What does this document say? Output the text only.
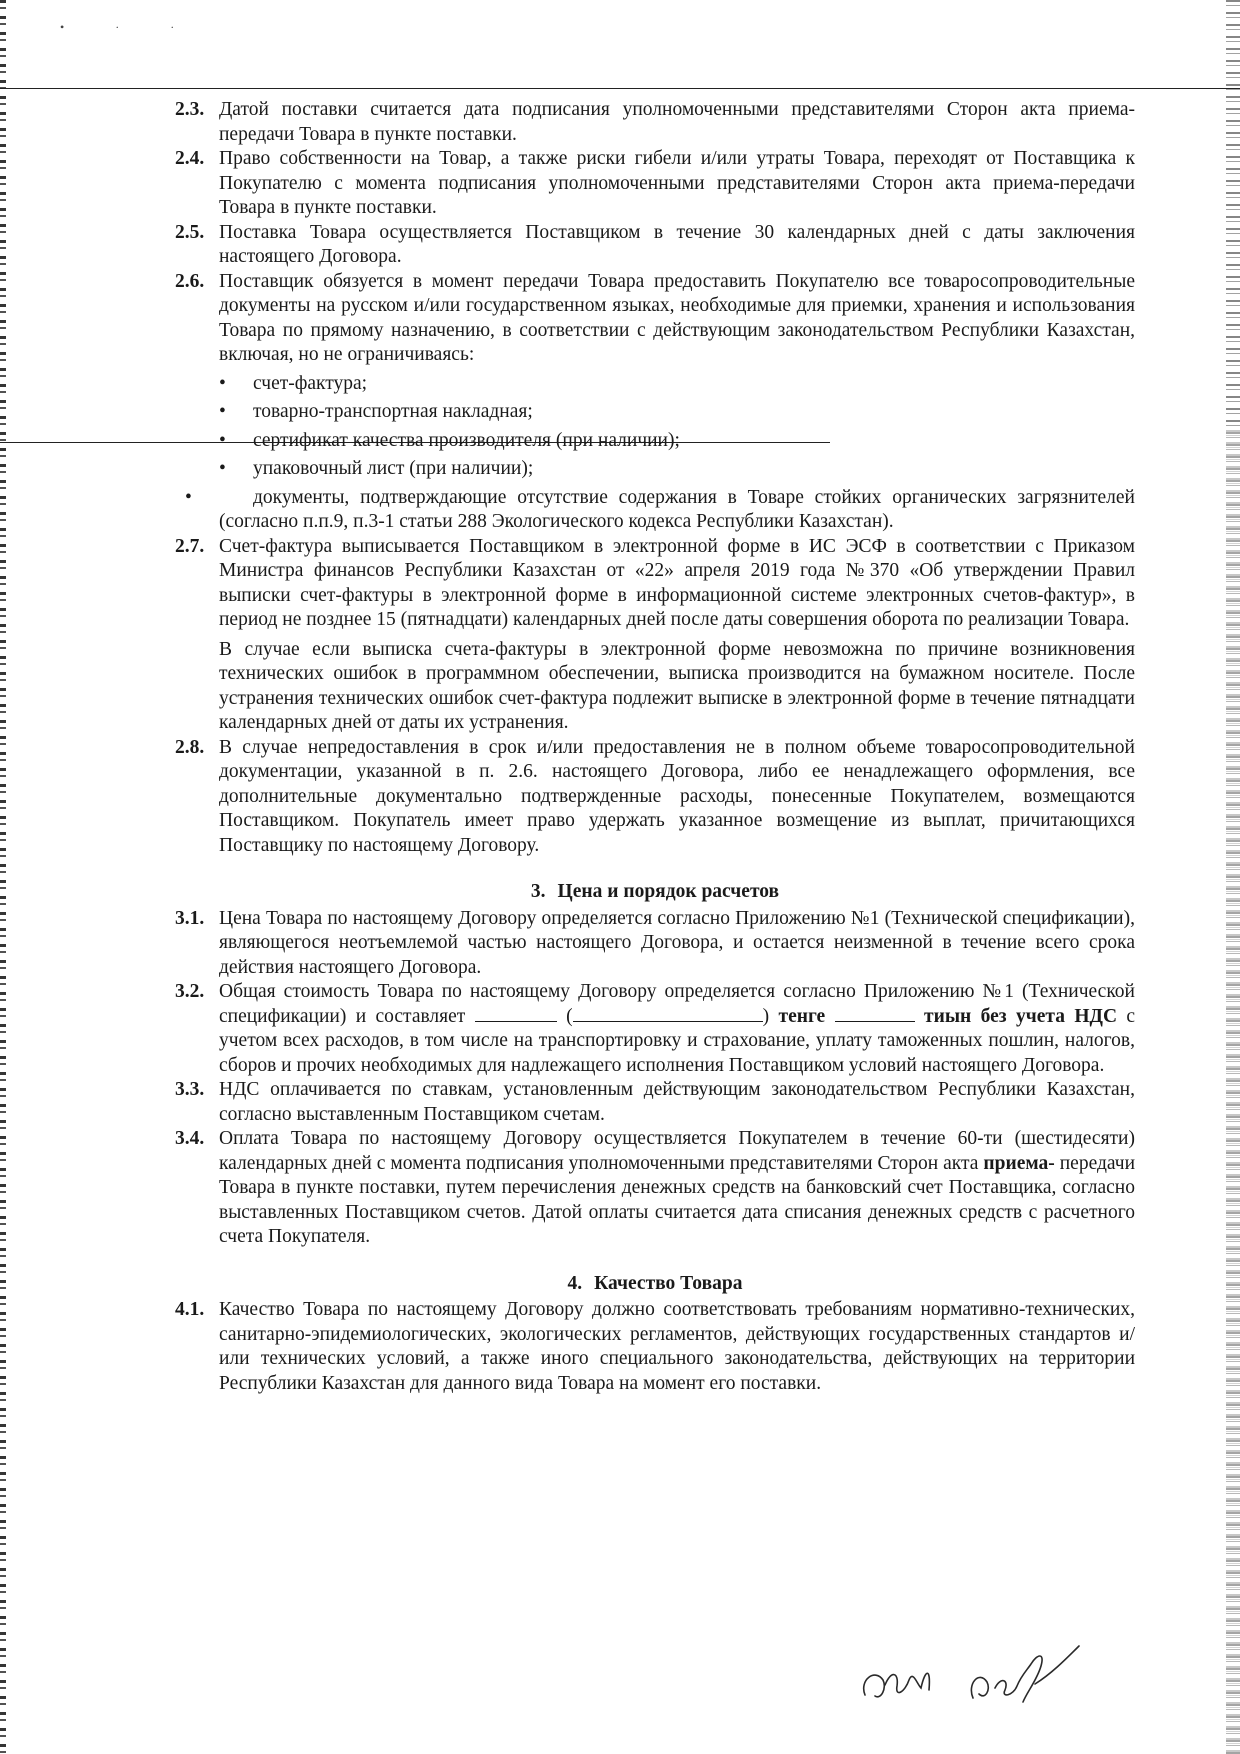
• · ·
2.3. Датой поставки считается дата подписания уполномоченными представителями Сторон акта приема-передачи Товара в пункте поставки.

2.4. Право собственности на Товар, а также риски гибели и/или утраты Товара, переходят от Поставщика к Покупателю с момента подписания уполномоченными представителями Сторон акта приема-передачи Товара в пункте поставки.

2.5. Поставка Товара осуществляется Поставщиком в течение 30 календарных дней с даты заключения настоящего Договора.

2.6. Поставщик обязуется в момент передачи Товара предоставить Покупателю все товаросопроводительные документы на русском и/или государственном языках, необходимые для приемки, хранения и использования Товара по прямому назначению, в соответствии с действующим законодательством Республики Казахстан, включая, но не ограничиваясь:

• счет-фактура;
• товарно-транспортная накладная;
• сертификат качества производителя (при наличии);
• упаковочный лист (при наличии);
• документы, подтверждающие отсутствие содержания в Товаре стойких органических загрязнителей (согласно п.п.9, п.3-1 статьи 288 Экологического кодекса Республики Казахстан).
2.7. Счет-фактура выписывается Поставщиком в электронной форме в ИС ЭСФ в соответствии с Приказом Министра финансов Республики Казахстан от «22» апреля 2019 года №370 «Об утверждении Правил выписки счет-фактуры в электронной форме в информационной системе электронных счетов-фактур», в период не позднее 15 (пятнадцати) календарных дней после даты совершения оборота по реализации Товара.

В случае если выписка счета-фактуры в электронной форме невозможна по причине возникновения технических ошибок в программном обеспечении, выписка производится на бумажном носителе. После устранения технических ошибок счет-фактура подлежит выписке в электронной форме в течение пятнадцати календарных дней от даты их устранения.

2.8. В случае непредоставления в срок и/или предоставления не в полном объеме товаросопроводительной документации, указанной в п. 2.6. настоящего Договора, либо ее ненадлежащего оформления, все дополнительные документально подтвержденные расходы, понесенные Покупателем, возмещаются Поставщиком. Покупатель имеет право удержать указанное возмещение из выплат, причитающихся Поставщику по настоящему Договору.

3. Цена и порядок расчетов
3.1. Цена Товара по настоящему Договору определяется согласно Приложению №1 (Технической спецификации), являющегося неотъемлемой частью настоящего Договора, и остается неизменной в течение всего срока действия настоящего Договора.

3.2. Общая стоимость Товара по настоящему Договору определяется согласно Приложению №1 (Технической спецификации) и составляет	(	) тенге	тиын без учета НДС с учетом всех расходов, в том числе на транспортировку и страхование, уплату таможенных пошлин, налогов, сборов и прочих необходимых для надлежащего исполнения Поставщиком условий настоящего Договора.

3.3. НДС оплачивается по ставкам, установленным действующим законодательством Республики Казахстан, согласно выставленным Поставщиком счетам.

3.4. Оплата Товара по настоящему Договору осуществляется Покупателем в течение 60-ти (шестидесяти) календарных дней с момента подписания уполномоченными представителями Сторон акта приема- передачи Товара в пункте поставки, путем перечисления денежных средств на банковский счет Поставщика, согласно выставленных Поставщиком счетов. Датой оплаты считается дата списания денежных средств с расчетного счета Покупателя.

4. Качество Товара
4.1. Качество Товара по настоящему Договору должно соответствовать требованиям нормативно-технических, санитарно-эпидемиологических, экологических регламентов, действующих государственных стандартов и/или технических условий, а также иного специального законодательства, действующих на территории Республики Казахстан для данного вида Товара на момент его поставки.
